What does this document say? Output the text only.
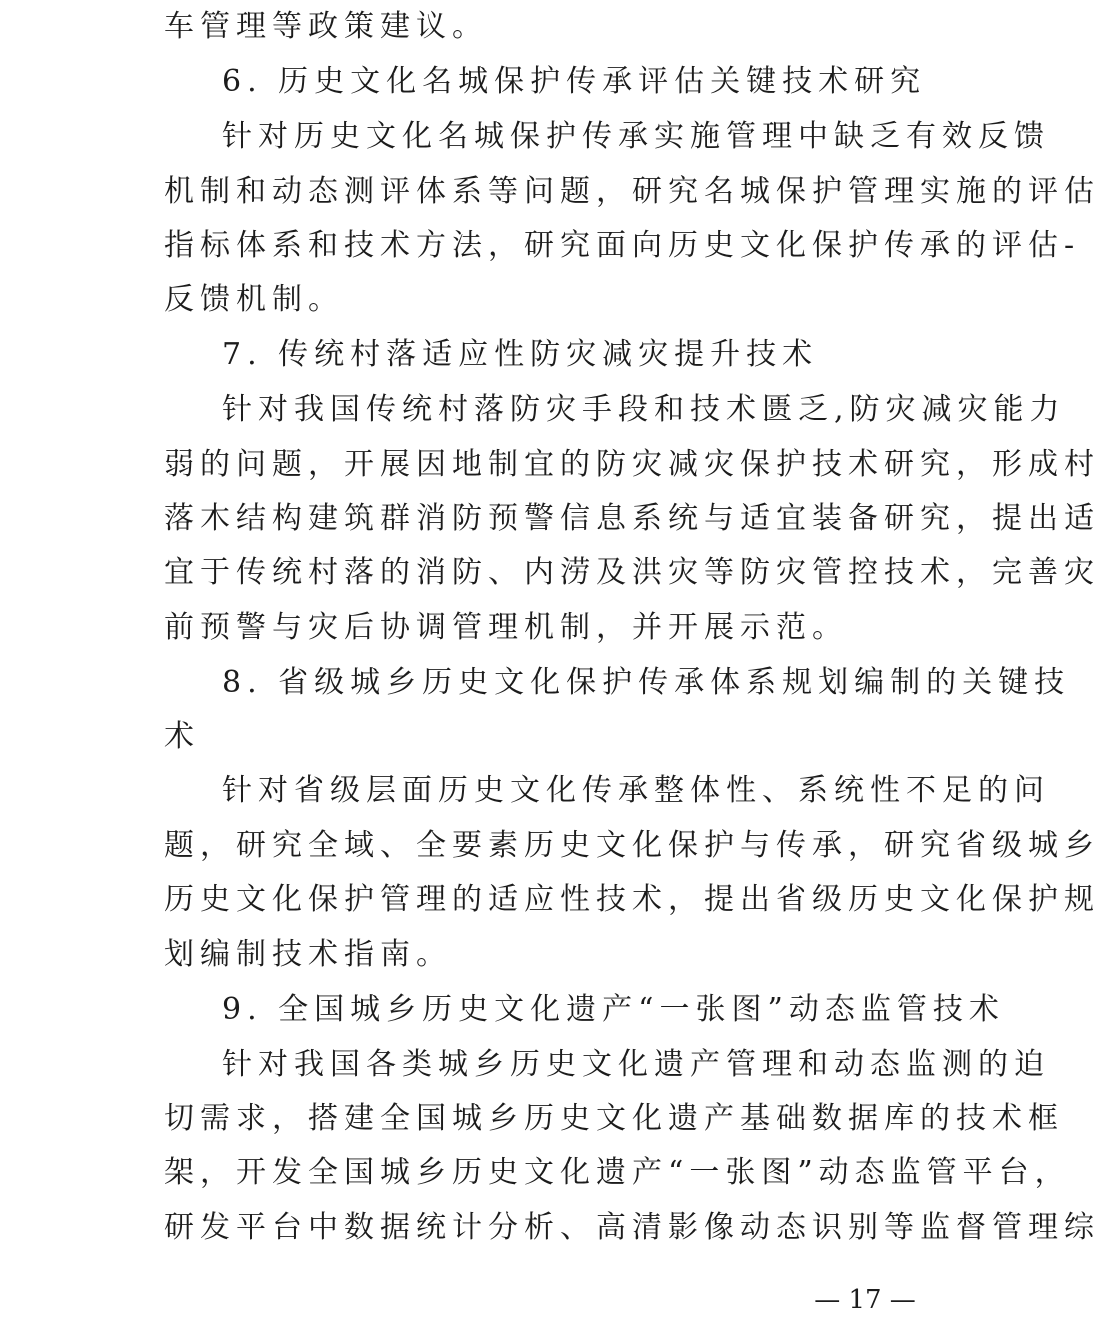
车管理等政策建议。
6. 历史文化名城保护传承评估关键技术研究
针对历史文化名城保护传承实施管理中缺乏有效反馈
机制和动态测评体系等问题，研究名城保护管理实施的评估
指标体系和技术方法，研究面向历史文化保护传承的评估-
反馈机制。
7. 传统村落适应性防灾减灾提升技术
针对我国传统村落防灾手段和技术匮乏,防灾减灾能力
弱的问题，开展因地制宜的防灾减灾保护技术研究，形成村
落木结构建筑群消防预警信息系统与适宜装备研究，提出适
宜于传统村落的消防、内涝及洪灾等防灾管控技术，完善灾
前预警与灾后协调管理机制，并开展示范。
8. 省级城乡历史文化保护传承体系规划编制的关键技
术
针对省级层面历史文化传承整体性、系统性不足的问
题，研究全域、全要素历史文化保护与传承，研究省级城乡
历史文化保护管理的适应性技术，提出省级历史文化保护规
划编制技术指南。
9. 全国城乡历史文化遗产“一张图”动态监管技术
针对我国各类城乡历史文化遗产管理和动态监测的迫
切需求，搭建全国城乡历史文化遗产基础数据库的技术框
架，开发全国城乡历史文化遗产“一张图”动态监管平台，
研发平台中数据统计分析、高清影像动态识别等监督管理综
— 17 —
